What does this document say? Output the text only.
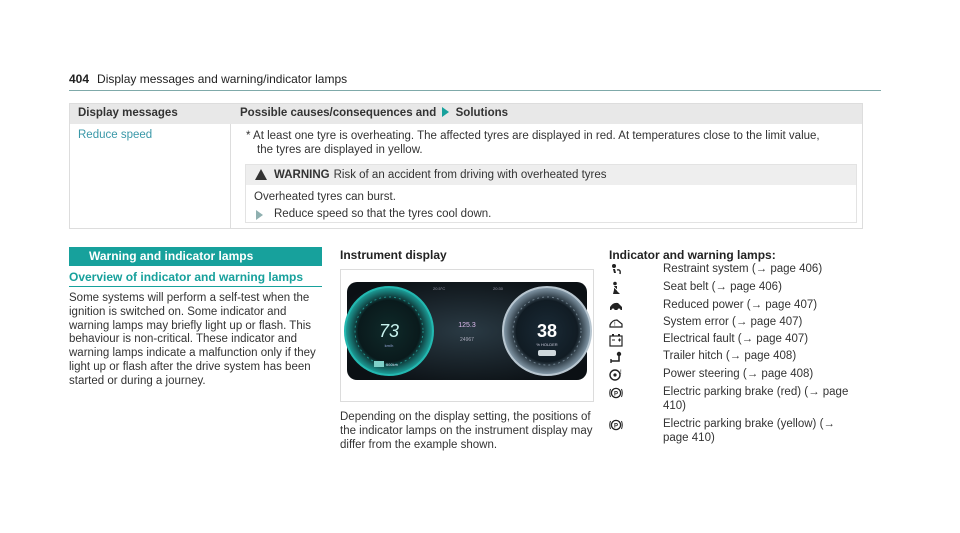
404 Display messages and warning/indicator lamps
Display messages	Possible causes/consequences and Solutions
Reduce speed	* At least one tyre is overheating. The affected tyres are displayed in red. At temperatures close to the limit value,
the tyres are displayed in yellow.
WARNING Risk of an accident from driving with overheated tyres
Overheated tyres can burst.
Reduce speed so that the tyres cool down.
Warning and indicator lamps
Overview of indicator and warning lamps
Some systems will perform a self-test when the ignition is switched on. Some indicator and warning lamps may briefly light up or flash. This behaviour is non-critical. These indicator and warning lamps indicate a malfunction only if they light up or flash after the drive system has been started or during a journey.
Instrument display
73
km/h
38
% HOLDER
125.3
24967
20.5°C	20:30
560km
Depending on the display setting, the positions of the indicator lamps on the instrument display may differ from the example shown.
Indicator and warning lamps:
Restraint system (→ page 406)
Seat belt (→ page 406)
Reduced power (→ page 407)
!	System error (→ page 407)
Electrical fault (→ page 407)
Trailer hitch (→ page 408)
!	Power steering (→ page 408)
P	Electric parking brake (red) (→ page 410)
P	Electric parking brake (yellow) (→ page 410)
